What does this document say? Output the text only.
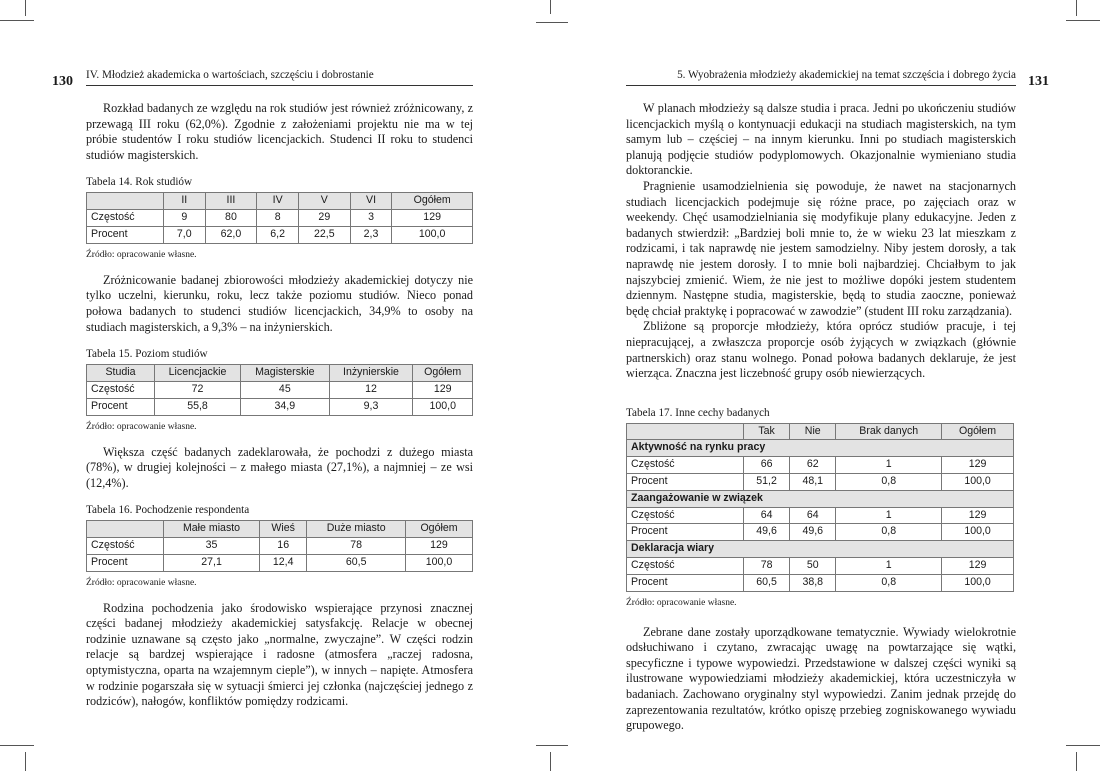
130 IV. Młodzież akademicka o wartościach, szczęściu i dobrostanie

Rozkład badanych ze względu na rok studiów jest również zróżnicowany, z przewagą III roku (62,0%). Zgodnie z założeniami projektu nie ma w tej próbie studentów I roku studiów licencjackich. Studenci II roku to studenci studiów magisterskich.

Tabela 14. Rok studiów
	II	III	IV	V	VI	Ogółem
Częstość	9	80	8	29	3	129
Procent	7,0	62,0	6,2	22,5	2,3	100,0
Źródło: opracowanie własne.

Zróżnicowanie badanej zbiorowości młodzieży akademickiej dotyczy nie tylko uczelni, kierunku, roku, lecz także poziomu studiów. Nieco ponad połowa badanych to studenci studiów licencjackich, 34,9% to osoby na studiach magisterskich, a 9,3% – na inżynierskich.

Tabela 15. Poziom studiów
Studia	Licencjackie	Magisterskie	Inżynierskie	Ogółem
Częstość	72	45	12	129
Procent	55,8	34,9	9,3	100,0
Źródło: opracowanie własne.

Większa część badanych zadeklarowała, że pochodzi z dużego miasta (78%), w drugiej kolejności – z małego miasta (27,1%), a najmniej – ze wsi (12,4%).

Tabela 16. Pochodzenie respondenta
	Małe miasto	Wieś	Duże miasto	Ogółem
Częstość	35	16	78	129
Procent	27,1	12,4	60,5	100,0
Źródło: opracowanie własne.

Rodzina pochodzenia jako środowisko wspierające przynosi znacznej części badanej młodzieży akademickiej satysfakcję. Relacje w obecnej rodzinie uznawane są często jako „normalne, zwyczajne”. W części rodzin relacje są bardzej wspierające i radosne (atmosfera „raczej radosna, optymistyczna, oparta na wzajemnym cieple”), w innych – napięte. Atmosfera w rodzinie pogarszała się w sytuacji śmierci jej członka (najczęściej jednego z rodziców), nałogów, konfliktów pomiędzy rodzicami.

131
5. Wyobrażenia młodzieży akademickiej na temat szczęścia i dobrego życia

W planach młodzieży są dalsze studia i praca. Jedni po ukończeniu studiów licencjackich myślą o kontynuacji edukacji na studiach magisterskich, na tym samym lub – częściej – na innym kierunku. Inni po studiach magisterskich planują podjęcie studiów podyplomowych. Okazjonalnie wymieniano studia doktoranckie.

Pragnienie usamodzielnienia się powoduje, że nawet na stacjonarnych studiach licencjackich podejmuje się różne prace, po zajęciach oraz w weekendy. Chęć usamodzielniania się modyfikuje plany edukacyjne. Jeden z badanych stwierdził: „Bardziej boli mnie to, że w wieku 23 lat mieszkam z rodzicami, i tak naprawdę nie jestem samodzielny. Niby jestem dorosły, a tak naprawdę nie jestem dorosły. I to mnie boli najbardziej. Chciałbym to jak najszybciej zmienić. Wiem, że nie jest to możliwe dopóki jestem studentem dziennym. Następne studia, magisterskie, będą to studia zaoczne, ponieważ będę chciał praktykę i popracować w zawodzie” (student III roku zarządzania).

Zbliżone są proporcje młodzieży, która oprócz studiów pracuje, i tej niepracującej, a zwłaszcza proporcje osób żyjących w związkach (głównie partnerskich) oraz stanu wolnego. Ponad połowa badanych deklaruje, że jest wierząca. Znaczna jest liczebność grupy osób niewierzących.

Tabela 17. Inne cechy badanych
	Tak	Nie	Brak danych	Ogółem
Aktywność na rynku pracy				
Częstość	66	62	1	129
Procent	51,2	48,1	0,8	100,0
Zaangażowanie w związek				
Częstość	64	64	1	129
Procent	49,6	49,6	0,8	100,0
Deklaracja wiary				
Częstość	78	50	1	129
Procent	60,5	38,8	0,8	100,0
Źródło: opracowanie własne.

Zebrane dane zostały uporządkowane tematycznie. Wywiady wielokrotnie odsłuchiwano i czytano, zwracając uwagę na powtarzające się wątki, specyficzne i typowe wypowiedzi. Przedstawione w dalszej części wyniki są ilustrowane wypowiedziami młodzieży akademickiej, która uczestniczyła w badaniach. Zachowano oryginalny styl wypowiedzi. Zanim jednak przejdę do zaprezentowania rezultatów, krótko opiszę przebieg zogniskowanego wywiadu grupowego.
